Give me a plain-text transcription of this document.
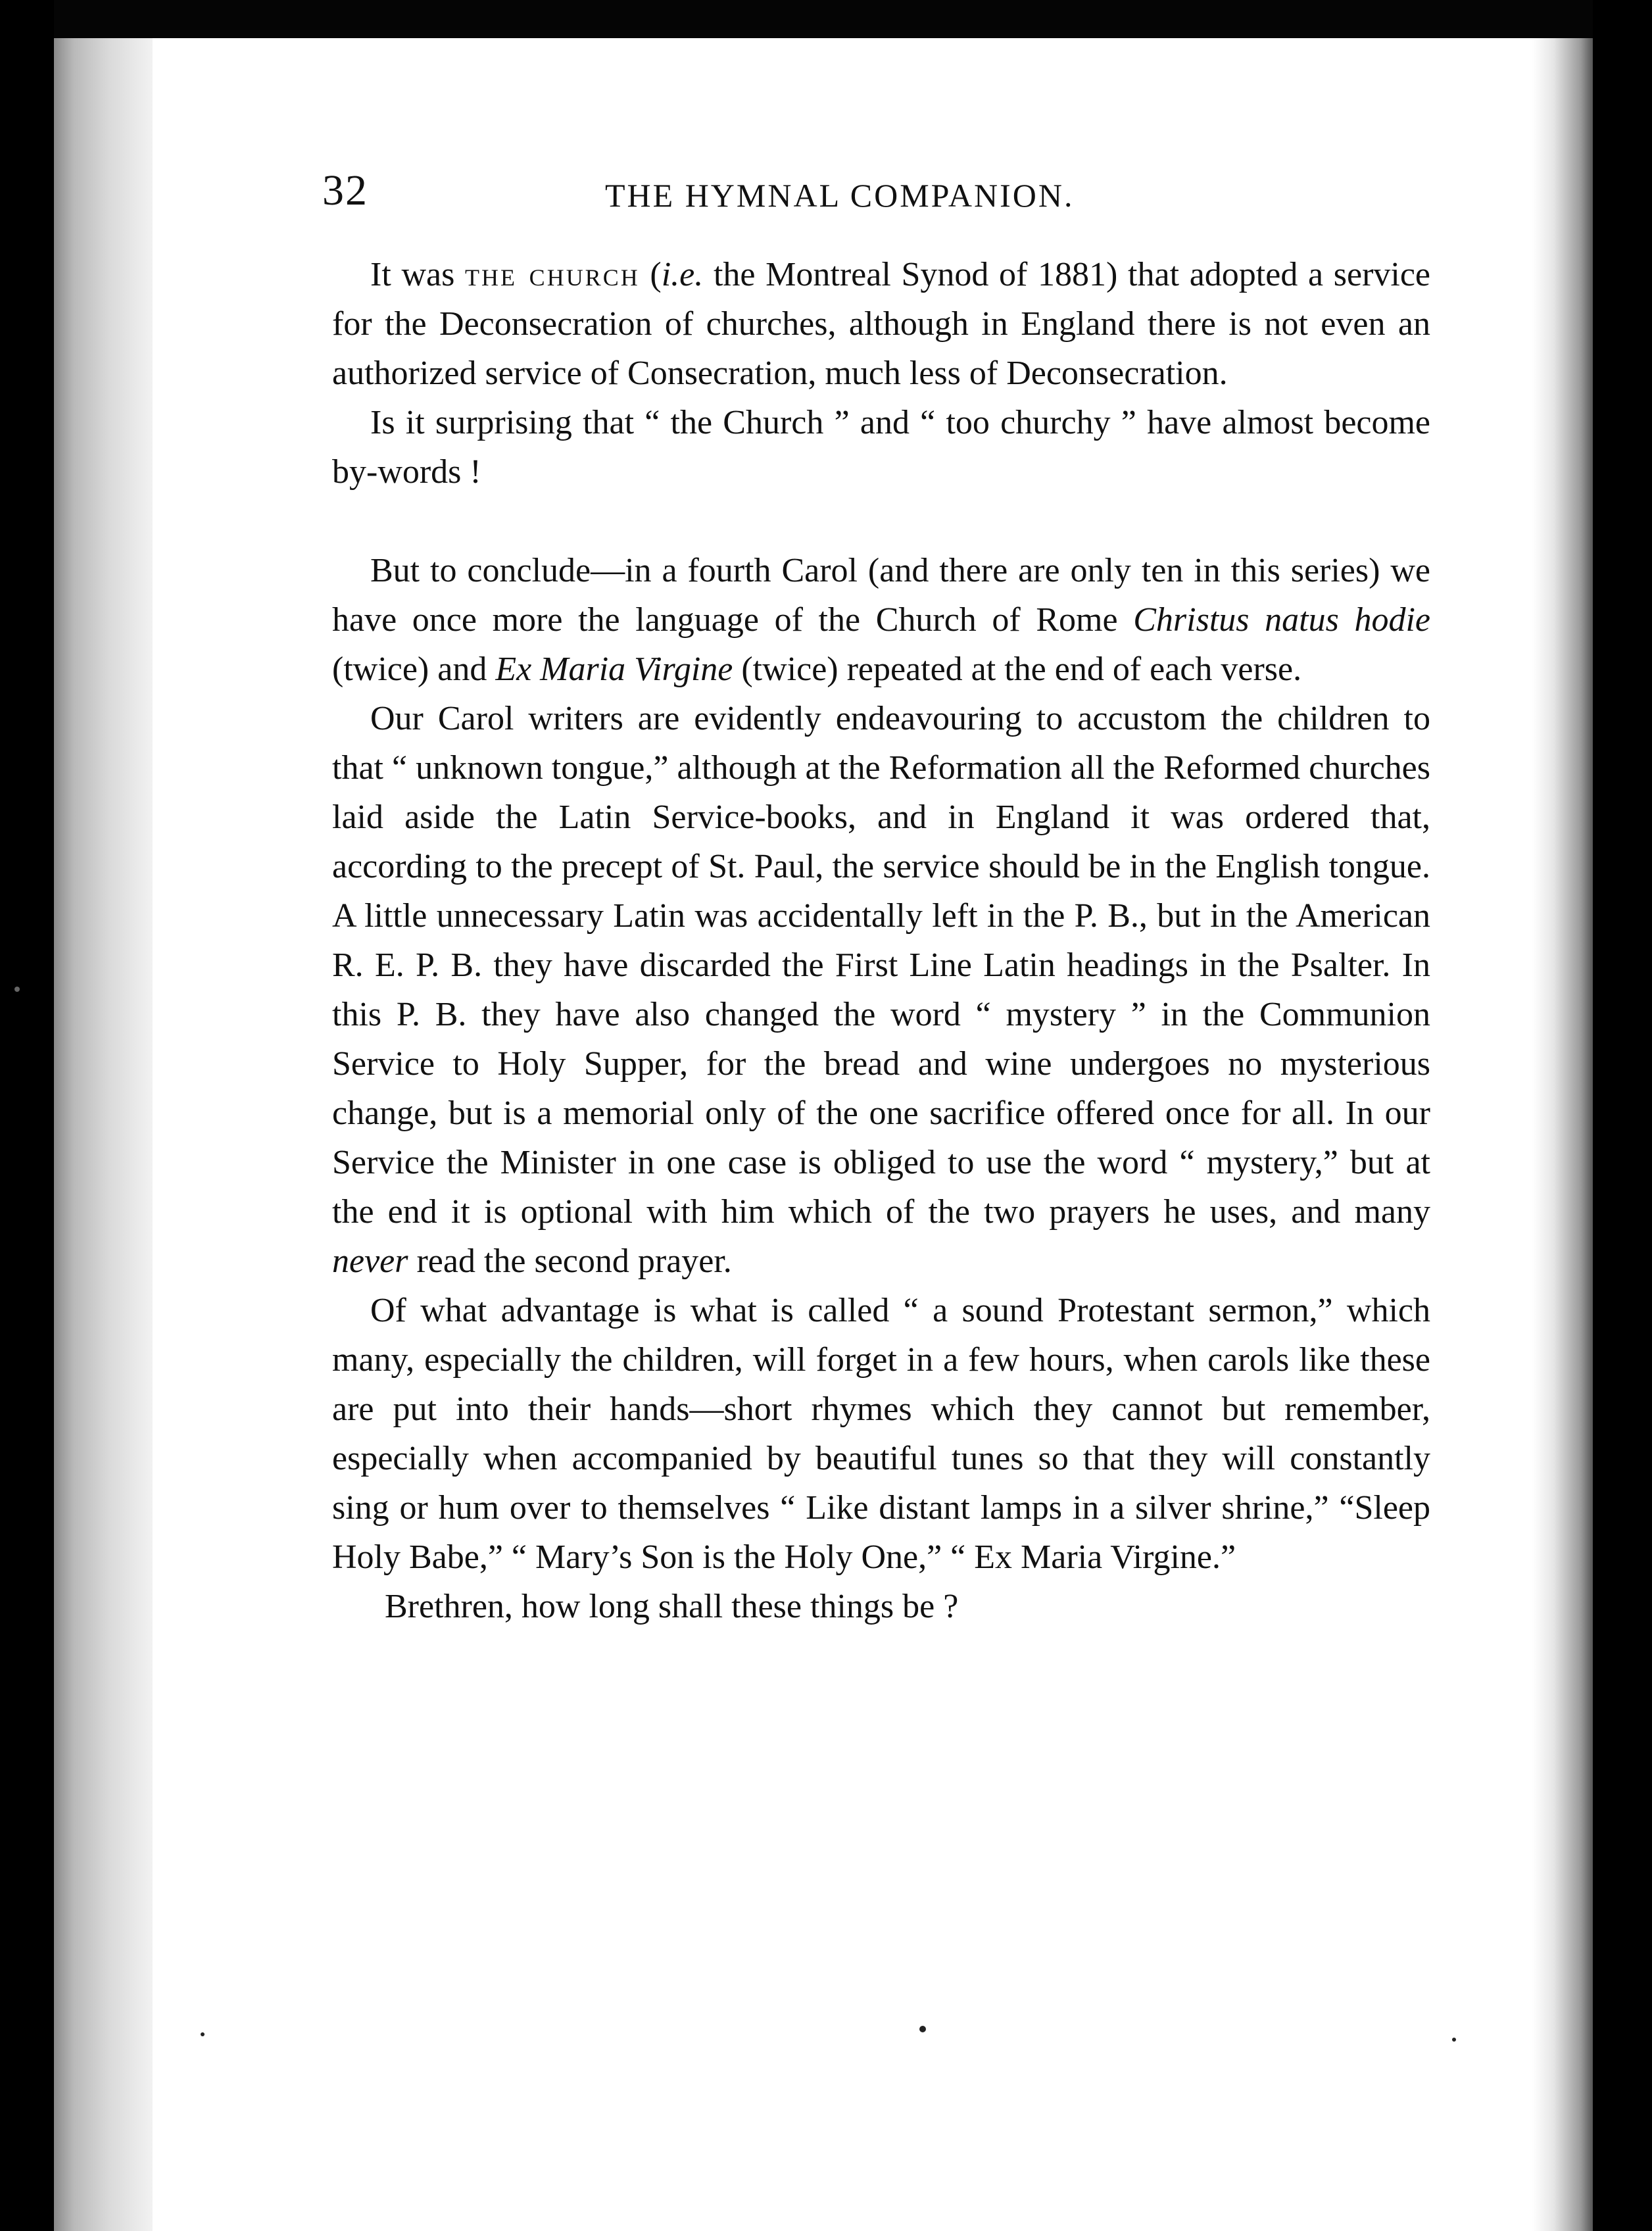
32	THE HYMNAL COMPANION.

It was the church (i.e. the Montreal Synod of 1881) that adopted a service for the Deconsecration of churches, although in England there is not even an authorized service of Consecration, much less of Deconsecration.

Is it surprising that “ the Church ” and “ too churchy ” have almost become by-words !

But to conclude—in a fourth Carol (and there are only ten in this series) we have once more the language of the Church of Rome Christus natus hodie (twice) and Ex Maria Virgine (twice) repeated at the end of each verse.

Our Carol writers are evidently endeavouring to accustom the children to that “ unknown tongue,” although at the Reformation all the Reformed churches laid aside the Latin Service-books, and in England it was ordered that, according to the precept of St. Paul, the service should be in the English tongue. A little unnecessary Latin was accidentally left in the P. B., but in the American R. E. P. B. they have discarded the First Line Latin headings in the Psalter. In this P. B. they have also changed the word “ mystery ” in the Communion Service to Holy Supper, for the bread and wine undergoes no mysterious change, but is a memorial only of the one sacrifice offered once for all. In our Service the Minister in one case is obliged to use the word “ mystery,” but at the end it is optional with him which of the two prayers he uses, and many never read the second prayer.

Of what advantage is what is called “ a sound Protestant sermon,” which many, especially the children, will forget in a few hours, when carols like these are put into their hands—short rhymes which they cannot but remember, especially when accompanied by beautiful tunes so that they will constantly sing or hum over to themselves “ Like distant lamps in a silver shrine,” “Sleep Holy Babe,” “ Mary’s Son is the Holy One,” “ Ex Maria Virgine.”

Brethren, how long shall these things be ?
